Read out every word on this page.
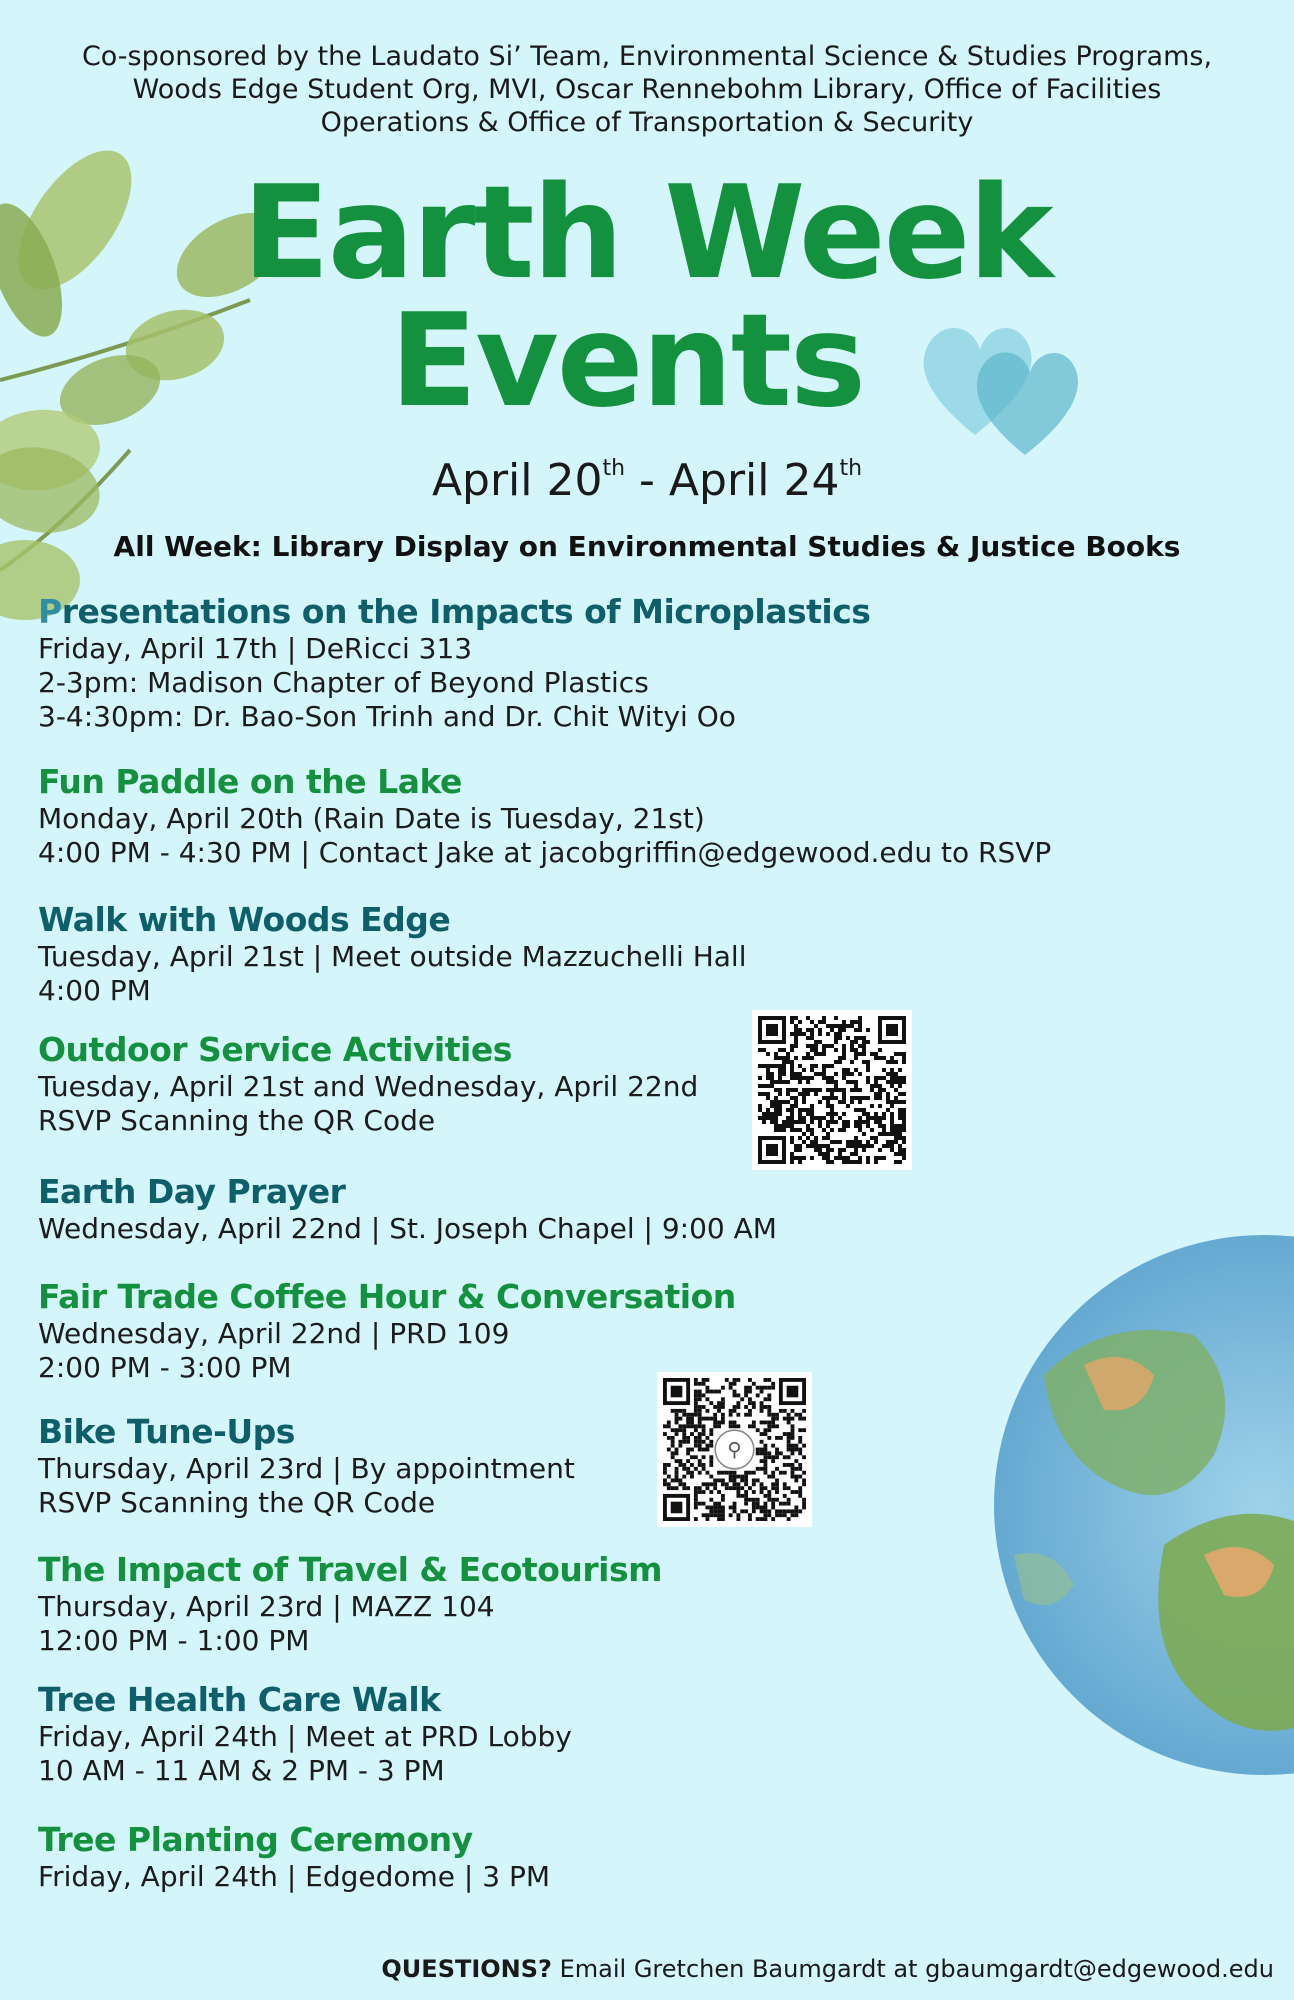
Co-sponsored by the Laudato Si’ Team, Environmental Science & Studies Programs,
Woods Edge Student Org, MVI, Oscar Rennebohm Library, Office of Facilities
Operations & Office of Transportation & Security
Earth Week
Events
April 20th - April 24th
All Week: Library Display on Environmental Studies & Justice Books
Presentations on the Impacts of Microplastics

Friday, April 17th | DeRicci 313

2-3pm: Madison Chapter of Beyond Plastics

3-4:30pm: Dr. Bao-Son Trinh and Dr. Chit Wityi Oo

Fun Paddle on the Lake

Monday, April 20th (Rain Date is Tuesday, 21st)

4:00 PM - 4:30 PM | Contact Jake at jacobgriffin@edgewood.edu to RSVP

Walk with Woods Edge

Tuesday, April 21st | Meet outside Mazzuchelli Hall

4:00 PM

Outdoor Service Activities

Tuesday, April 21st and Wednesday, April 22nd

RSVP Scanning the QR Code

Earth Day Prayer

Wednesday, April 22nd | St. Joseph Chapel | 9:00 AM

Fair Trade Coffee Hour & Conversation

Wednesday, April 22nd | PRD 109

2:00 PM - 3:00 PM

Bike Tune-Ups

Thursday, April 23rd | By appointment

RSVP Scanning the QR Code

The Impact of Travel & Ecotourism

Thursday, April 23rd | MAZZ 104

12:00 PM - 1:00 PM

Tree Health Care Walk

Friday, April 24th | Meet at PRD Lobby

10 AM - 11 AM & 2 PM - 3 PM

Tree Planting Ceremony

Friday, April 24th | Edgedome | 3 PM

⚲
QUESTIONS? Email Gretchen Baumgardt at gbaumgardt@edgewood.edu
